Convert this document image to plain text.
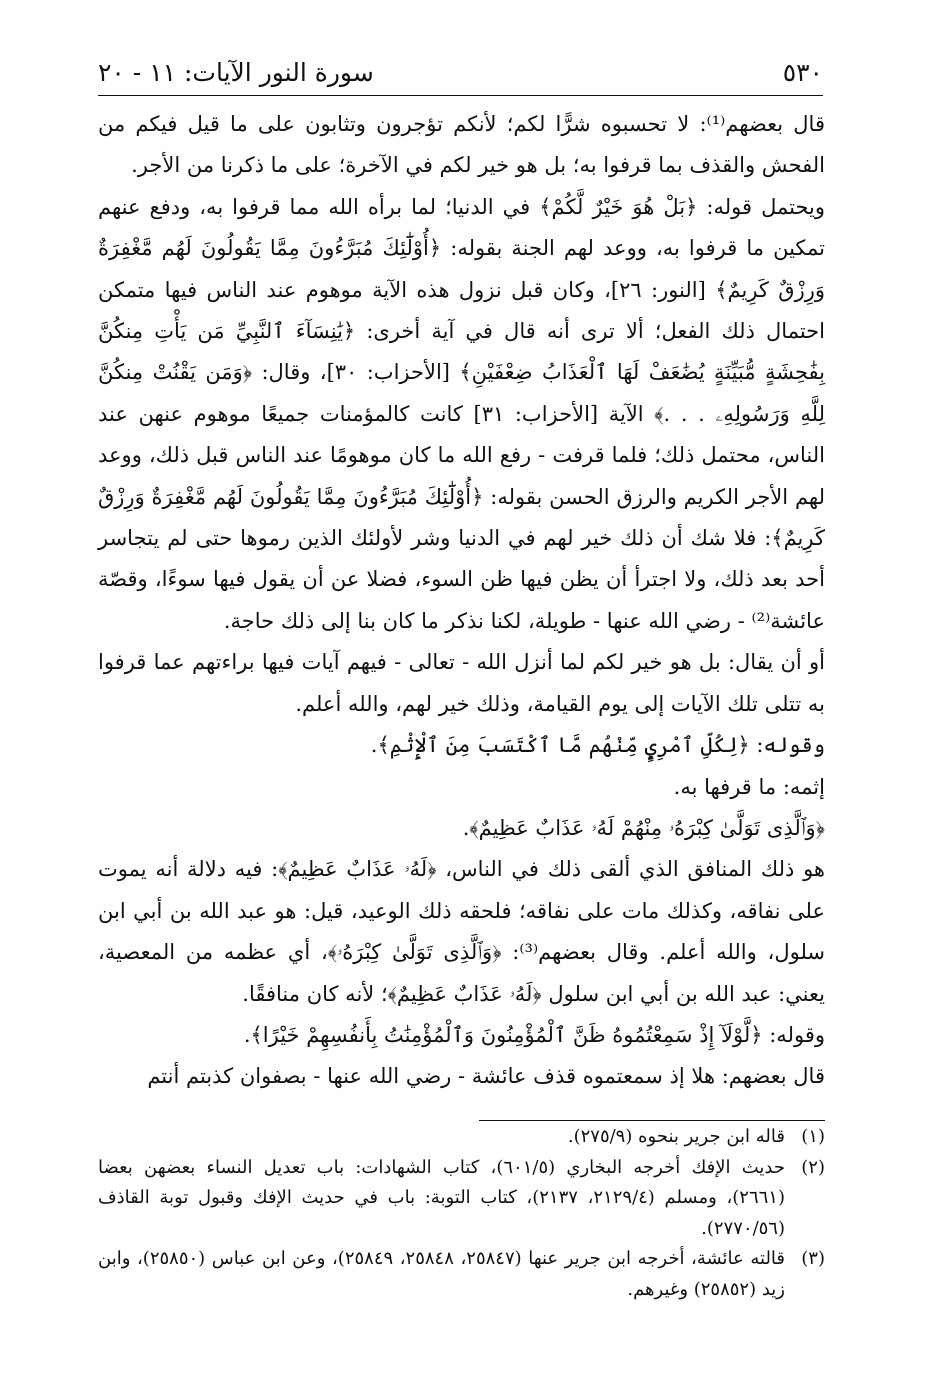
٥٣٠
سورة النور الآيات: ١١ - ٢٠

قال بعضهم⁽¹⁾: لا تحسبوه شرًّا لكم؛ لأنكم تؤجرون وتثابون على ما قيل فيكم من الفحش والقذف بما قرفوا به؛ بل هو خير لكم في الآخرة؛ على ما ذكرنا من الأجر.

ويحتمل قوله: ﴿بَلْ هُوَ خَيْرٌ لَّكُمْ﴾ في الدنيا؛ لما برأه الله مما قرفوا به، ودفع عنهم تمكين ما قرفوا به، ووعد لهم الجنة بقوله: ﴿أُوْلَٰٓئِكَ مُبَرَّءُونَ مِمَّا يَقُولُونَ لَهُم مَّغْفِرَةٌ وَرِزْقٌ كَرِيمٌ﴾ [النور: ٢٦]، وكان قبل نزول هذه الآية موهوم عند الناس فيها متمكن احتمال ذلك الفعل؛ ألا ترى أنه قال في آية أخرى: ﴿يَٰنِسَآءَ ٱلنَّبِيِّ مَن يَأْتِ مِنكُنَّ بِفَٰحِشَةٍ مُّبَيِّنَةٍ يُضَٰعَفْ لَهَا ٱلْعَذَابُ ضِعْفَيْنِ﴾ [الأحزاب: ٣٠]، وقال: ﴿وَمَن يَقْنُتْ مِنكُنَّ لِلَّهِ وَرَسُولِهِۦ . . .﴾ الآية [الأحزاب: ٣١] كانت كالمؤمنات جميعًا موهوم عنهن عند الناس، محتمل ذلك؛ فلما قرفت - رفع الله ما كان موهومًا عند الناس قبل ذلك، ووعد لهم الأجر الكريم والرزق الحسن بقوله: ﴿أُوْلَٰٓئِكَ مُبَرَّءُونَ مِمَّا يَقُولُونَ لَهُم مَّغْفِرَةٌ وَرِزْقٌ كَرِيمٌ﴾: فلا شك أن ذلك خير لهم في الدنيا وشر لأولئك الذين رموها حتى لم يتجاسر أحد بعد ذلك، ولا اجترأ أن يظن فيها ظن السوء، فضلا عن أن يقول فيها سوءًا، وقصّة عائشة⁽²⁾ - رضي الله عنها - طويلة، لكنا نذكر ما كان بنا إلى ذلك حاجة.

أو أن يقال: بل هو خير لكم لما أنزل الله - تعالى - فيهم آيات فيها براءتهم عما قرفوا به تتلى تلك الآيات إلى يوم القيامة، وذلك خير لهم، والله أعلم.

وقوله: ﴿لِكُلِّ ٱمْرِيٍٕ مِّنْهُم مَّا ٱكْتَسَبَ مِنَ ٱلْإِثْمِ﴾.

إثمه: ما قرفها به.

﴿وَٱلَّذِى تَوَلَّىٰ كِبْرَهُۥ مِنْهُمْ لَهُۥ عَذَابٌ عَظِيمٌ﴾.

هو ذلك المنافق الذي ألقى ذلك في الناس، ﴿لَهُۥ عَذَابٌ عَظِيمٌ﴾: فيه دلالة أنه يموت على نفاقه، وكذلك مات على نفاقه؛ فلحقه ذلك الوعيد، قيل: هو عبد الله بن أبي ابن سلول، والله أعلم. وقال بعضهم⁽³⁾: ﴿وَٱلَّذِى تَوَلَّىٰ كِبْرَهُۥ﴾، أي عظمه من المعصية، يعني: عبد الله بن أبي ابن سلول ﴿لَهُۥ عَذَابٌ عَظِيمٌ﴾؛ لأنه كان منافقًا.

وقوله: ﴿لَّوْلَآ إِذْ سَمِعْتُمُوهُ ظَنَّ ٱلْمُؤْمِنُونَ وَٱلْمُؤْمِنَٰتُ بِأَنفُسِهِمْ خَيْرًا﴾.

قال بعضهم: هلا إذ سمعتموه قذف عائشة - رضي الله عنها - بصفوان كذبتم أنتم

(١)
قاله ابن جرير بنحوه (٢٧٥/٩).

(٢)
حديث الإفك أخرجه البخاري (٦٠١/٥)، كتاب الشهادات: باب تعديل النساء بعضهن بعضا (٢٦٦١)، ومسلم (٢١٢٩/٤، ٢١٣٧)، كتاب التوبة: باب في حديث الإفك وقبول توبة القاذف (٢٧٧٠/٥٦).

(٣)
قالته عائشة، أخرجه ابن جرير عنها (٢٥٨٤٧، ٢٥٨٤٨، ٢٥٨٤٩)، وعن ابن عباس (٢٥٨٥٠)، وابن زيد (٢٥٨٥٢) وغيرهم.
